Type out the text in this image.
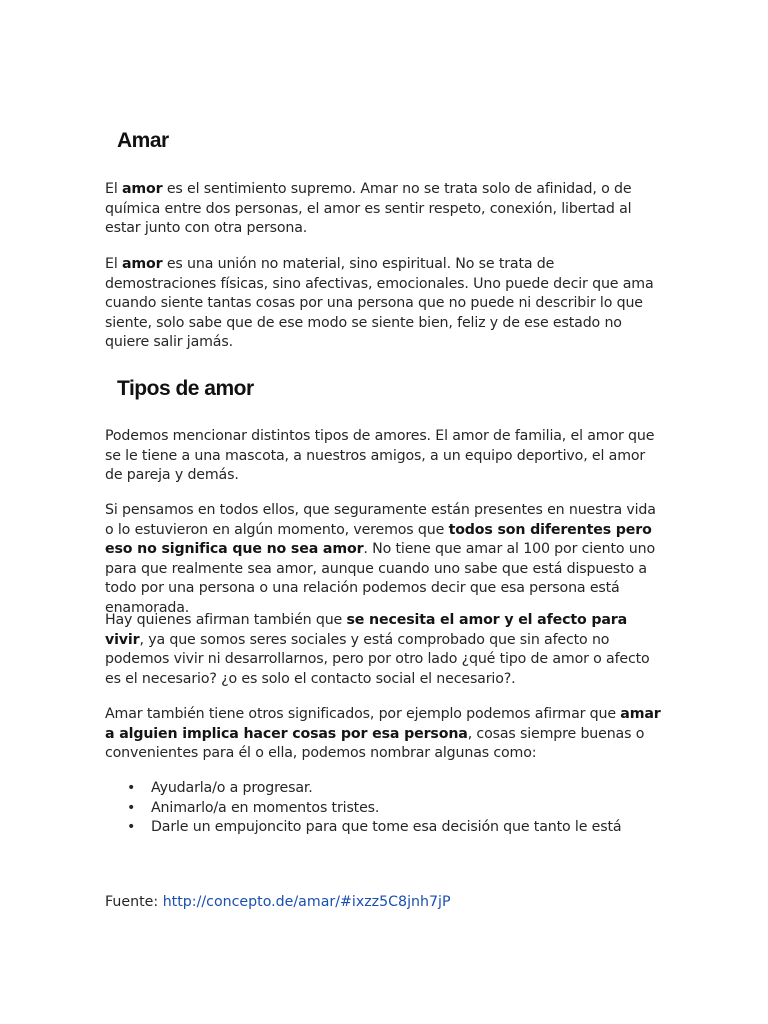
Amar

El amor es el sentimiento supremo. Amar no se trata solo de afinidad, o de química entre dos personas, el amor es sentir respeto, conexión, libertad al estar junto con otra persona.

El amor es una unión no material, sino espiritual. No se trata de demostraciones físicas, sino afectivas, emocionales. Uno puede decir que ama cuando siente tantas cosas por una persona que no puede ni describir lo que siente, solo sabe que de ese modo se siente bien, feliz y de ese estado no quiere salir jamás.

Tipos de amor

Podemos mencionar distintos tipos de amores. El amor de familia, el amor que se le tiene a una mascota, a nuestros amigos, a un equipo deportivo, el amor de pareja y demás.

Si pensamos en todos ellos, que seguramente están presentes en nuestra vida o lo estuvieron en algún momento, veremos que todos son diferentes pero eso no significa que no sea amor. No tiene que amar al 100 por ciento uno para que realmente sea amor, aunque cuando uno sabe que está dispuesto a todo por una persona o una relación podemos decir que esa persona está enamorada.

Hay quienes afirman también que se necesita el amor y el afecto para vivir, ya que somos seres sociales y está comprobado que sin afecto no podemos vivir ni desarrollarnos, pero por otro lado ¿qué tipo de amor o afecto es el necesario? ¿o es solo el contacto social el necesario?.

Amar también tiene otros significados, por ejemplo podemos afirmar que amar a alguien implica hacer cosas por esa persona, cosas siempre buenas o convenientes para él o ella, podemos nombrar algunas como:

• Ayudarla/o a progresar.
• Animarlo/a en momentos tristes.
• Darle un empujoncito para que tome esa decisión que tanto le está

Fuente: http://concepto.de/amar/#ixzz5C8jnh7jP
